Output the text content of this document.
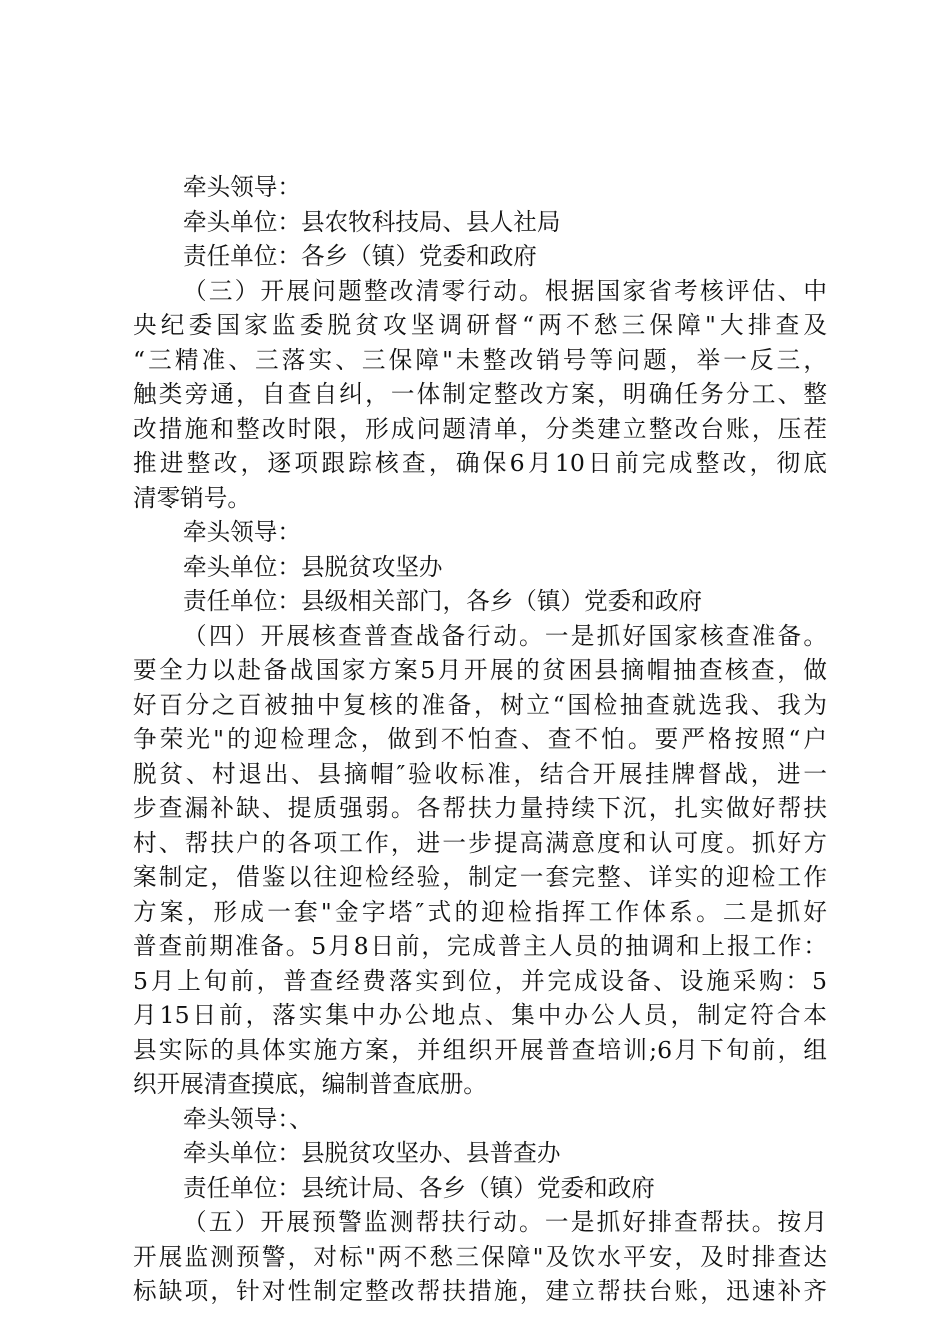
牵头领导：
牵头单位：县农牧科技局、县人社局
责任单位：各乡（镇）党委和政府
（三）开展问题整改清零行动。根据国家省考核评估、中
央纪委国家监委脱贫攻坚调研督“两不愁三保障"大排查及
“三精准、三落实、三保障"未整改销号等问题，举一反三，
触类旁通，自查自纠，一体制定整改方案，明确任务分工、整
改措施和整改时限，形成问题清单，分类建立整改台账，压茬
推进整改，逐项跟踪核查，确保6月10日前完成整改，彻底
清零销号。
牵头领导：
牵头单位：县脱贫攻坚办
责任单位：县级相关部门，各乡（镇）党委和政府
（四）开展核查普查战备行动。一是抓好国家核查准备。
要全力以赴备战国家方案5月开展的贫困县摘帽抽查核查，做
好百分之百被抽中复核的准备，树立“国检抽查就选我、我为
争荣光"的迎检理念，做到不怕查、查不怕。要严格按照“户
脱贫、村退出、县摘帽″验收标准，结合开展挂牌督战，进一
步查漏补缺、提质强弱。各帮扶力量持续下沉，扎实做好帮扶
村、帮扶户的各项工作，进一步提高满意度和认可度。抓好方
案制定，借鉴以往迎检经验，制定一套完整、详实的迎检工作
方案，形成一套"金字塔″式的迎检指挥工作体系。二是抓好
普查前期准备。5月8日前，完成普主人员的抽调和上报工作：
5月上旬前，普查经费落实到位，并完成设备、设施采购：5
月15日前，落实集中办公地点、集中办公人员，制定符合本
县实际的具体实施方案，并组织开展普查培训;6月下旬前，组
织开展清查摸底，编制普查底册。
牵头领导：、
牵头单位：县脱贫攻坚办、县普查办
责任单位：县统计局、各乡（镇）党委和政府
（五）开展预警监测帮扶行动。一是抓好排查帮扶。按月
开展监测预警，对标"两不愁三保障"及饮水平安，及时排查达
标缺项，针对性制定整改帮扶措施，建立帮扶台账，迅速补齐
